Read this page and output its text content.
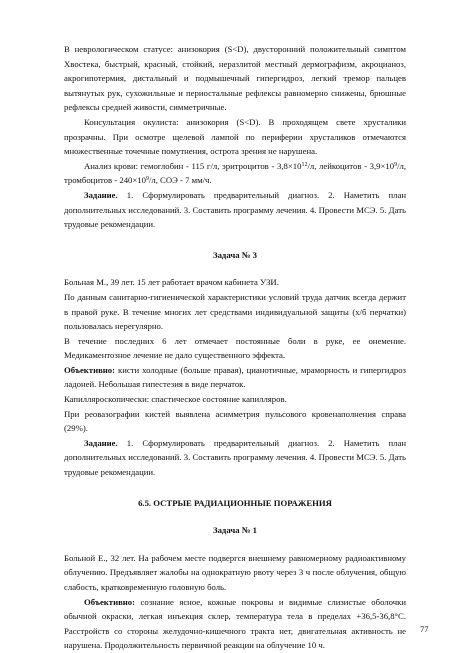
В неврологическом статусе: анизокория (S<D), двусторонний положительный симптом Хвостека, быстрый, красный, стойкий, неразлитой местный дермографизм, акроцианоз, акрогипотермия, дистальный и подмышечный гипергидроз, легкий тремор пальцев вытянутых рук, сухожильные и периостальные рефлексы равномерно снижены, брюшные рефлексы средней живости, симметричные.

Консультация окулиста: анизокория (S<D). В проходящем свете хрусталики прозрачны. При осмотре щелевой лампой по периферии хрусталиков отмечаются множественные точечные помутнения, острота зрения не нарушена.

Анализ крови: гемоглобин - 115 г/л, эритроцитов - $3,8\times 10^{12}/л$, лейкоцитов - $3,9\times 10^9/л$, тромбоцитов - $240\times 10^9/л$, СОЭ - 7 мм/ч.

Задание. 1. Сформулировать предварительный диагноз. 2. Наметить план дополнительных исследований. 3. Составить программу лечения. 4. Провести МСЭ. 5. Дать трудовые рекомендации.

Задача № 3

Больная М., 39 лет. 15 лет работает врачом кабинета УЗИ.

По данным санитарно-гигиенической характеристики условий труда датчик всегда держит в правой руке. В течение многих лет средствами индивидуальной защиты (х/б перчатки) пользовалась нерегулярно.

В течение последних 6 лет отмечает постоянные боли в руке, ее онемение. Медикаментозное лечение не дало существенного эффекта.

Объективно: кисти холодные (больше правая), цианотичные, мраморность и гипергидроз ладоней. Небольшая гипестезия в виде перчаток.

Капилляроскопически: спастическое состояние капилляров.

При реовазографии кистей выявлена асимметрия пульсового кровенаполнения справа (29%).

Задание. 1. Сформулировать предварительный диагноз. 2. Наметить план дополнительных исследований. 3. Составить программу лечения. 4. Провести МСЭ. 5. Дать трудовые рекомендации.

6.5. ОСТРЫЕ РАДИАЦИОННЫЕ ПОРАЖЕНИЯ

Задача № 1

Больной Е., 32 лет. На рабочем месте подвергся внешнему равномерному радиоактивному облучению. Предъявляет жалобы на однократную рвоту через 3 ч после облучения, общую слабость, кратковременную головную боль.

Объективно: сознание ясное, кожные покровы и видимые слизистые оболочки обычной окраски, легкая инъекция склер, температура тела в пределах +36,5-36,8°С. Расстройств со стороны желудочно-кишечного тракта нет, двигательная активность не нарушена. Продолжительность первичной реакции на облучение 10 ч.

77
